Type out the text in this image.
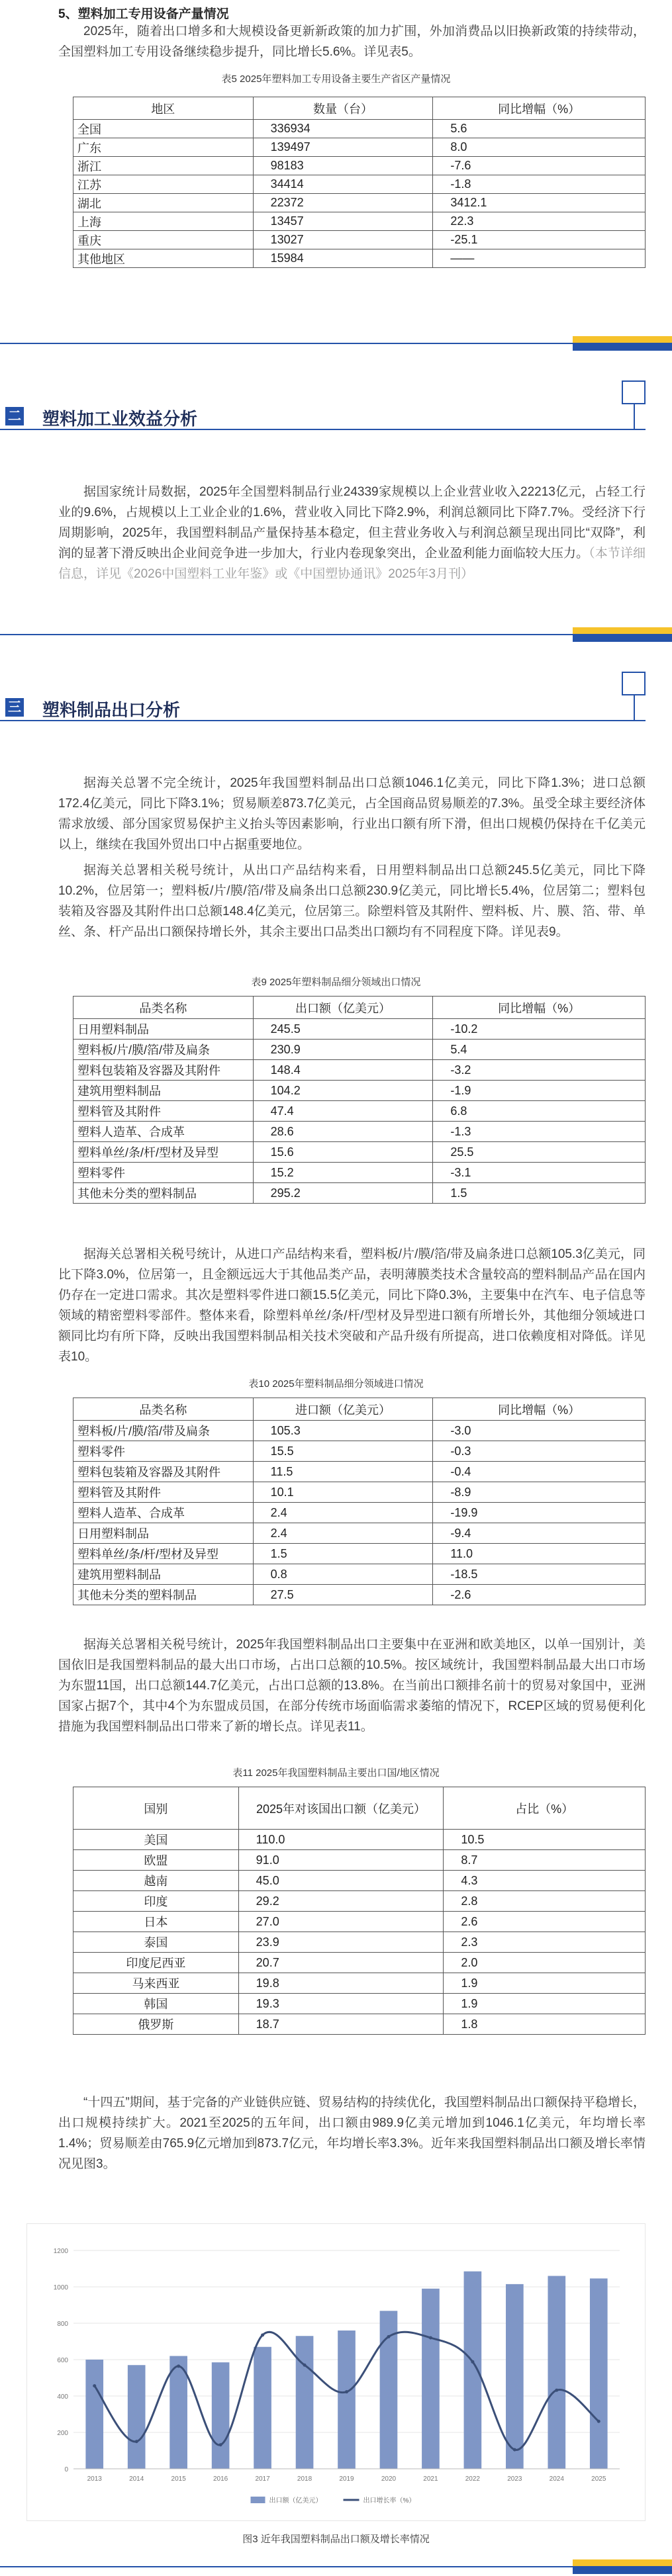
5、塑料加工专用设备产量情况

2025年，随着出口增多和大规模设备更新新政策的加力扩围，外加消费品以旧换新政策的持续带动，全国塑料加工专用设备继续稳步提升，同比增长5.6%。详见表5。

表5 2025年塑料加工专用设备主要生产省区产量情况
地区	数量（台）	同比增幅（%）
全国	336934	5.6
广东	139497	8.0
浙江	98183	-7.6
江苏	34414	-1.8
湖北	22372	3412.1
上海	13457	22.3
重庆	13027	-25.1
其他地区	15984	——
二 塑料加工业效益分析

据国家统计局数据，2025年全国塑料制品行业24339家规模以上企业营业收入22213亿元，占轻工行业的9.6%，占规模以上工业企业的1.6%，营业收入同比下降2.9%，利润总额同比下降7.7%。受经济下行周期影响，2025年，我国塑料制品产量保持基本稳定，但主营业务收入与利润总额呈现出同比“双降”，利润的显著下滑反映出企业间竞争进一步加大，行业内卷现象突出，企业盈利能力面临较大压力。（本节详细信息，详见《2026中国塑料工业年鉴》或《中国塑协通讯》2025年3月刊）

三 塑料制品出口分析

据海关总署不完全统计，2025年我国塑料制品出口总额1046.1亿美元，同比下降1.3%；进口总额172.4亿美元，同比下降3.1%；贸易顺差873.7亿美元，占全国商品贸易顺差的7.3%。虽受全球主要经济体需求放缓、部分国家贸易保护主义抬头等因素影响，行业出口额有所下滑，但出口规模仍保持在千亿美元以上，继续在我国外贸出口中占据重要地位。

据海关总署相关税号统计，从出口产品结构来看，日用塑料制品出口总额245.5亿美元，同比下降10.2%，位居第一；塑料板/片/膜/箔/带及扁条出口总额230.9亿美元，同比增长5.4%，位居第二；塑料包装箱及容器及其附件出口总额148.4亿美元，位居第三。除塑料管及其附件、塑料板、片、膜、箔、带、单丝、条、杆产品出口额保持增长外，其余主要出口品类出口额均有不同程度下降。详见表9。

表9 2025年塑料制品细分领域出口情况
品类名称	出口额（亿美元）	同比增幅（%）
日用塑料制品	245.5	-10.2
塑料板/片/膜/箔/带及扁条	230.9	5.4
塑料包装箱及容器及其附件	148.4	-3.2
建筑用塑料制品	104.2	-1.9
塑料管及其附件	47.4	6.8
塑料人造革、合成革	28.6	-1.3
塑料单丝/条/杆/型材及异型	15.6	25.5
塑料零件	15.2	-3.1
其他未分类的塑料制品	295.2	1.5

据海关总署相关税号统计，从进口产品结构来看，塑料板/片/膜/箔/带及扁条进口总额105.3亿美元，同比下降3.0%，位居第一，且金额远远大于其他品类产品，表明薄膜类技术含量较高的塑料制品产品在国内仍存在一定进口需求。其次是塑料零件进口额15.5亿美元，同比下降0.3%，主要集中在汽车、电子信息等领域的精密塑料零部件。整体来看，除塑料单丝/条/杆/型材及异型进口额有所增长外，其他细分领域进口额同比均有所下降，反映出我国塑料制品相关技术突破和产品升级有所提高，进口依赖度相对降低。详见表10。

表10 2025年塑料制品细分领域进口情况
品类名称	进口额（亿美元）	同比增幅（%）
塑料板/片/膜/箔/带及扁条	105.3	-3.0
塑料零件	15.5	-0.3
塑料包装箱及容器及其附件	11.5	-0.4
塑料管及其附件	10.1	-8.9
塑料人造革、合成革	2.4	-19.9
日用塑料制品	2.4	-9.4
塑料单丝/条/杆/型材及异型	1.5	11.0
建筑用塑料制品	0.8	-18.5
其他未分类的塑料制品	27.5	-2.6

据海关总署相关税号统计，2025年我国塑料制品出口主要集中在亚洲和欧美地区，以单一国别计，美国依旧是我国塑料制品的最大出口市场，占出口总额的10.5%。按区域统计，我国塑料制品最大出口市场为东盟11国，出口总额144.7亿美元，占出口总额的13.8%。在当前出口额排名前十的贸易对象国中，亚洲国家占据7个，其中4个为东盟成员国，在部分传统市场面临需求萎缩的情况下，RCEP区域的贸易便利化措施为我国塑料制品出口带来了新的增长点。详见表11。

表11 2025年我国塑料制品主要出口国/地区情况
国别	2025年对该国出口额（亿美元）	占比（%）
美国	110.0	10.5
欧盟	91.0	8.7
越南	45.0	4.3
印度	29.2	2.8
日本	27.0	2.6
泰国	23.9	2.3
印度尼西亚	20.7	2.0
马来西亚	19.8	1.9
韩国	19.3	1.9
俄罗斯	18.7	1.8

“十四五”期间，基于完备的产业链供应链、贸易结构的持续优化，我国塑料制品出口额保持平稳增长，出口规模持续扩大。2021至2025的五年间，出口额由989.9亿美元增加到1046.1亿美元，年均增长率1.4%；贸易顺差由765.9亿元增加到873.7亿元，年均增长率3.3%。近年来我国塑料制品出口额及增长率情况见图3。

0
200
400
600
800
1000
1200
2013	2014	2015	2016	2017	2018	2019	2020	2021	2022	2023	2024	2025
出口额（亿美元）	出口增长率（%）
图3 近年我国塑料制品出口额及增长率情况
